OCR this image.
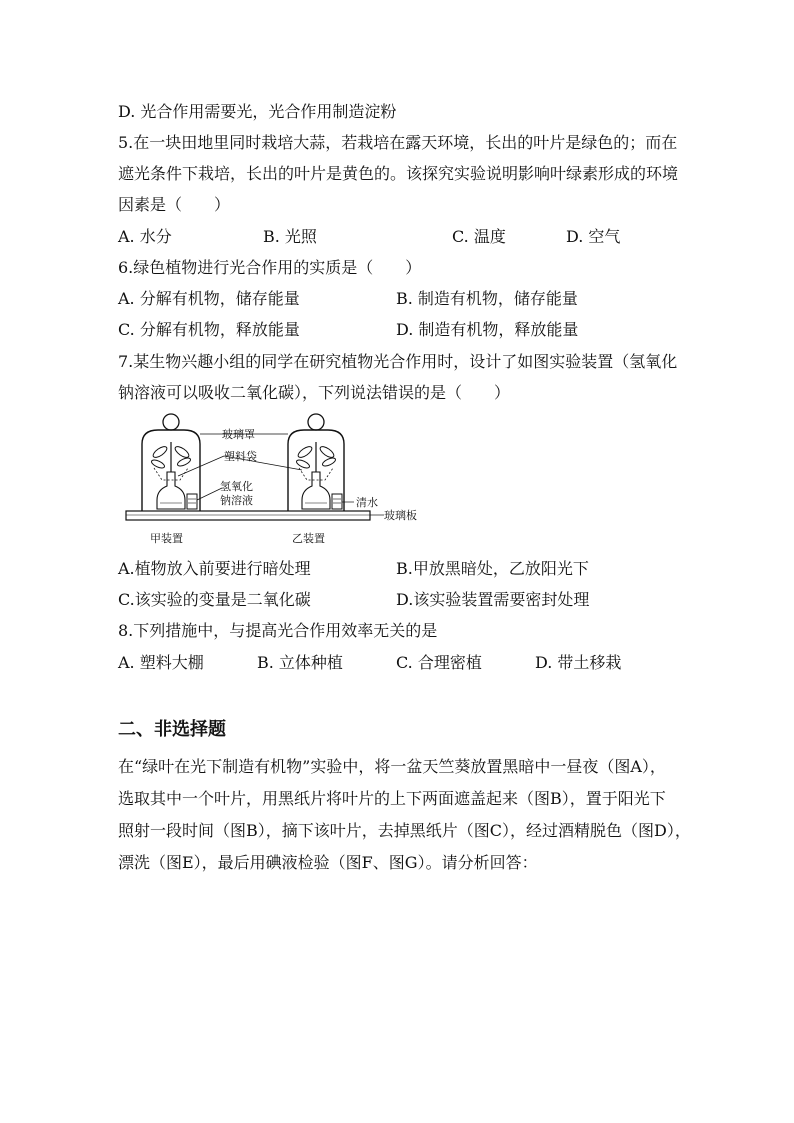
D. 光合作用需要光，光合作用制造淀粉
5.在一块田地里同时栽培大蒜，若栽培在露天环境，长出的叶片是绿色的；而在
遮光条件下栽培，长出的叶片是黄色的。该探究实验说明影响叶绿素形成的环境
因素是（　　）
A. 水分	B. 光照	C. 温度	D. 空气
6.绿色植物进行光合作用的实质是（　　）
A. 分解有机物，储存能量	B. 制造有机物，储存能量
C. 分解有机物，释放能量	D. 制造有机物，释放能量
7.某生物兴趣小组的同学在研究植物光合作用时，设计了如图实验装置（氢氧化
钠溶液可以吸收二氧化碳），下列说法错误的是（　　）
玻璃罩
塑料袋
氢氧化
钠溶液	清水
玻璃板
甲装置	乙装置
A.植物放入前要进行暗处理	B.甲放黑暗处，乙放阳光下
C.该实验的变量是二氧化碳	D.该实验装置需要密封处理
8.下列措施中，与提高光合作用效率无关的是
A. 塑料大棚	B. 立体种植	C. 合理密植	D. 带土移栽
二、非选择题
在“绿叶在光下制造有机物”实验中，将一盆天竺葵放置黑暗中一昼夜（图A），
选取其中一个叶片，用黑纸片将叶片的上下两面遮盖起来（图B），置于阳光下
照射一段时间（图B），摘下该叶片，去掉黑纸片（图C），经过酒精脱色（图D），
漂洗（图E），最后用碘液检验（图F、图G）。请分析回答：
